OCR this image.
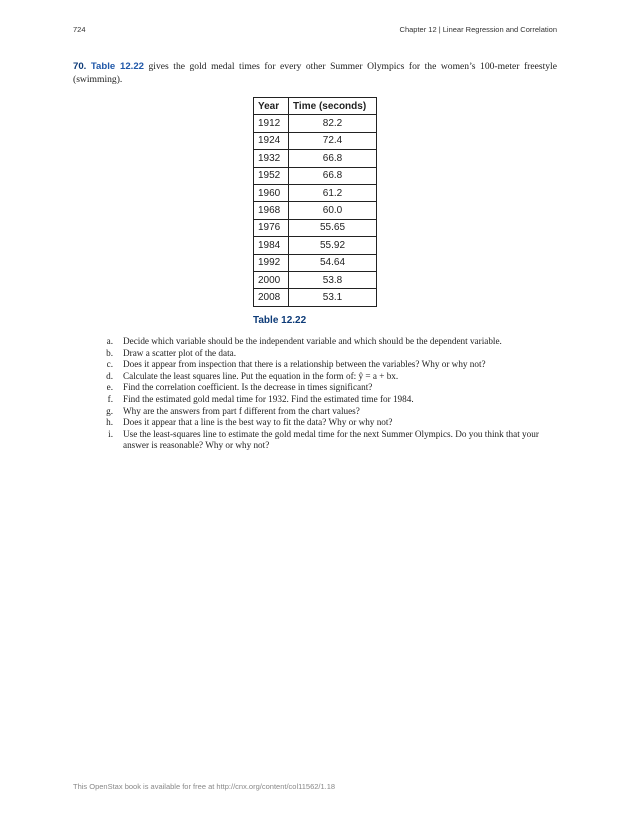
724	Chapter 12 | Linear Regression and Correlation
70. Table 12.22 gives the gold medal times for every other Summer Olympics for the women’s 100-meter freestyle (swimming).
Year	Time (seconds)
1912	82.2
1924	72.4
1932	66.8
1952	66.8
1960	61.2
1968	60.0
1976	55.65
1984	55.92
1992	54.64
2000	53.8
2008	53.1
Table 12.22
a.	Decide which variable should be the independent variable and which should be the dependent variable.
b.	Draw a scatter plot of the data.
c.	Does it appear from inspection that there is a relationship between the variables? Why or why not?
d.	Calculate the least squares line. Put the equation in the form of: ŷ = a + bx.
e.	Find the correlation coefficient. Is the decrease in times significant?
f.	Find the estimated gold medal time for 1932. Find the estimated time for 1984.
g.	Why are the answers from part f different from the chart values?
h.	Does it appear that a line is the best way to fit the data? Why or why not?
i.	Use the least-squares line to estimate the gold medal time for the next Summer Olympics. Do you think that your answer is reasonable? Why or why not?
This OpenStax book is available for free at http://cnx.org/content/col11562/1.18
